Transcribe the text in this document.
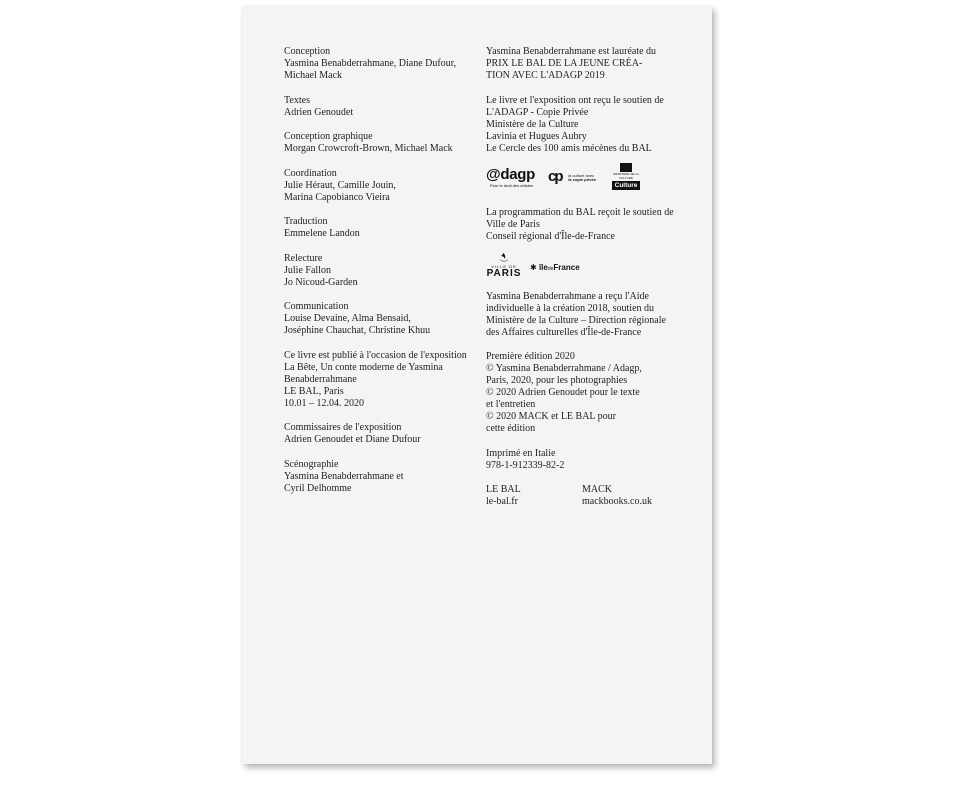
Conception
Yasmina Benabderrahmane, Diane Dufour,
Michael Mack
Textes
Adrien Genoudet
Conception graphique
Morgan Crowcroft-Brown, Michael Mack
Coordination
Julie Héraut, Camille Jouin,
Marina Capobianco Vieira
Traduction
Emmelene Landon
Relecture
Julie Fallon
Jo Nicoud-Garden
Communication
Louise Devaine, Alma Bensaid,
Joséphine Chauchat, Christine Khuu
Ce livre est publié à l'occasion de l'exposition
La Bête, Un conte moderne de Yasmina
Benabderrahmane
LE BAL, Paris
10.01 – 12.04. 2020
Commissaires de l'exposition
Adrien Genoudet et Diane Dufour
Scénographie
Yasmina Benabderrahmane et
Cyril Delhomme
Yasmina Benabderrahmane est lauréate du
PRIX LE BAL DE LA JEUNE CRÉA-
TION AVEC L'ADAGP 2019
Le livre et l'exposition ont reçu le soutien de
L'ADAGP - Copie Privée
Ministère de la Culture
Lavinia et Hugues Aubry
Le Cercle des 100 amis mécènes du BAL
@dagp
Pour le droit des artistes
cp la culture avec
la copie privée
MINISTÈRE DE LA CULTURE
Culture
La programmation du BAL reçoit le soutien de
Ville de Paris
Conseil régional d'Île-de-France
VILLE DE
PARIS
✱ îledeFrance
Yasmina Benabderrahmane a reçu l'Aide
individuelle à la création 2018, soutien du
Ministère de la Culture – Direction régionale
des Affaires culturelles d'Île-de-France
Première édition 2020
© Yasmina Benabderrahmane / Adagp,
Paris, 2020, pour les photographies
© 2020 Adrien Genoudet pour le texte
et l'entretien
© 2020 MACK et LE BAL pour
cette édition
Imprimé en Italie
978-1-912339-82-2
LE BAL
le-bal.fr
MACK
mackbooks.co.uk
